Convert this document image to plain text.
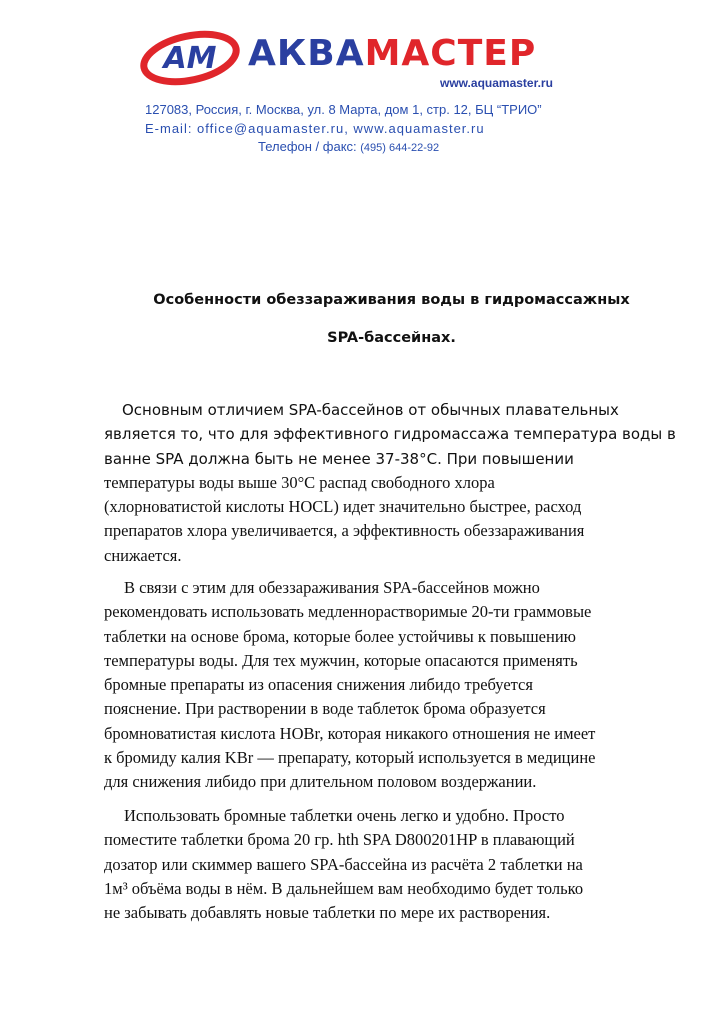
АМ АКВАМАСТЕР
www.aquamaster.ru
127083, Россия, г. Москва, ул. 8 Марта, дом 1, стр. 12, БЦ “ТРИО”
E-mail: office@aquamaster.ru, www.aquamaster.ru
Телефон / факс: (495) 644-22-92
Особенности обеззараживания воды в гидромассажных
SPA-бассейнах.
Основным отличием SPA-бассейнов от обычных плавательных
является то, что для эффективного гидромассажа температура воды в
ванне SPA должна быть не менее 37-38°С. При повышении
температуры воды выше 30°С распад свободного хлора
(хлорноватистой кислоты HOCL) идет значительно быстрее, расход
препаратов хлора увеличивается, а эффективность обеззараживания
снижается.
В связи с этим для обеззараживания SPA-бассейнов можно
рекомендовать использовать медленнорастворимые 20-ти граммовые
таблетки на основе брома, которые более устойчивы к повышению
температуры воды. Для тех мужчин, которые опасаются применять
бромные препараты из опасения снижения либидо требуется
пояснение. При растворении в воде таблеток брома образуется
бромноватистая кислота HOBr, которая никакого отношения не имеет
к бромиду калия KBr — препарату, который используется в медицине
для снижения либидо при длительном половом воздержании.
Использовать бромные таблетки очень легко и удобно. Просто
поместите таблетки брома 20 гр. hth SPA D800201HP в плавающий
дозатор или скиммер вашего SPA-бассейна из расчёта 2 таблетки на
1м³ объёма воды в нём. В дальнейшем вам необходимо будет только
не забывать добавлять новые таблетки по мере их растворения.
